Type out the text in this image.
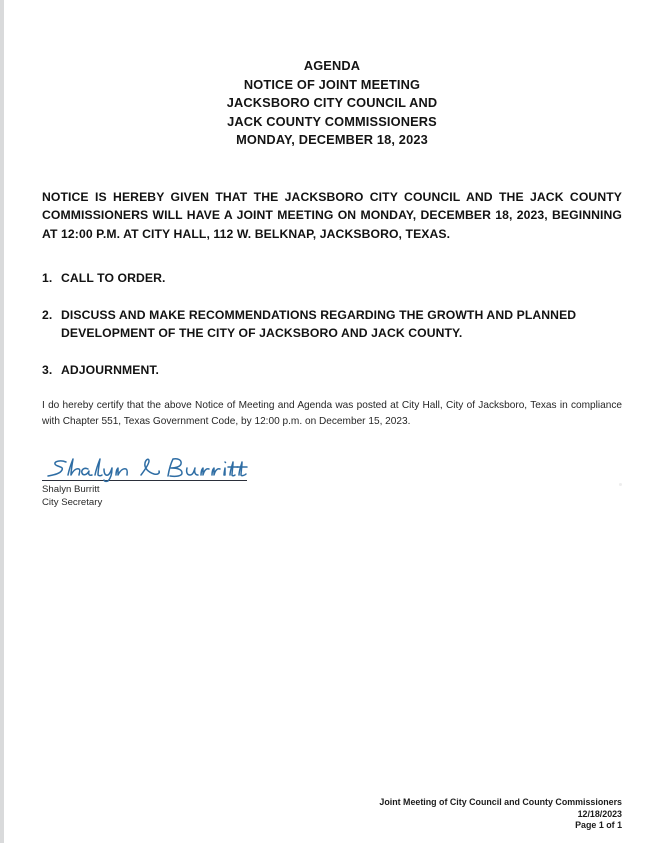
AGENDA
NOTICE OF JOINT MEETING
JACKSBORO CITY COUNCIL AND
JACK COUNTY COMMISSIONERS
MONDAY, DECEMBER 18, 2023

NOTICE IS HEREBY GIVEN THAT THE JACKSBORO CITY COUNCIL AND THE JACK COUNTY COMMISSIONERS WILL HAVE A JOINT MEETING ON MONDAY, DECEMBER 18, 2023, BEGINNING AT 12:00 P.M. AT CITY HALL, 112 W. BELKNAP, JACKSBORO, TEXAS.

1. CALL TO ORDER.
2. DISCUSS AND MAKE RECOMMENDATIONS REGARDING THE GROWTH AND PLANNED DEVELOPMENT OF THE CITY OF JACKSBORO AND JACK COUNTY.
3. ADJOURNMENT.

I do hereby certify that the above Notice of Meeting and Agenda was posted at City Hall, City of Jacksboro, Texas in compliance with Chapter 551, Texas Government Code, by 12:00 p.m. on December 15, 2023.

Shalyn Burritt
City Secretary
Joint Meeting of City Council and County Commissioners
12/18/2023
Page 1 of 1
